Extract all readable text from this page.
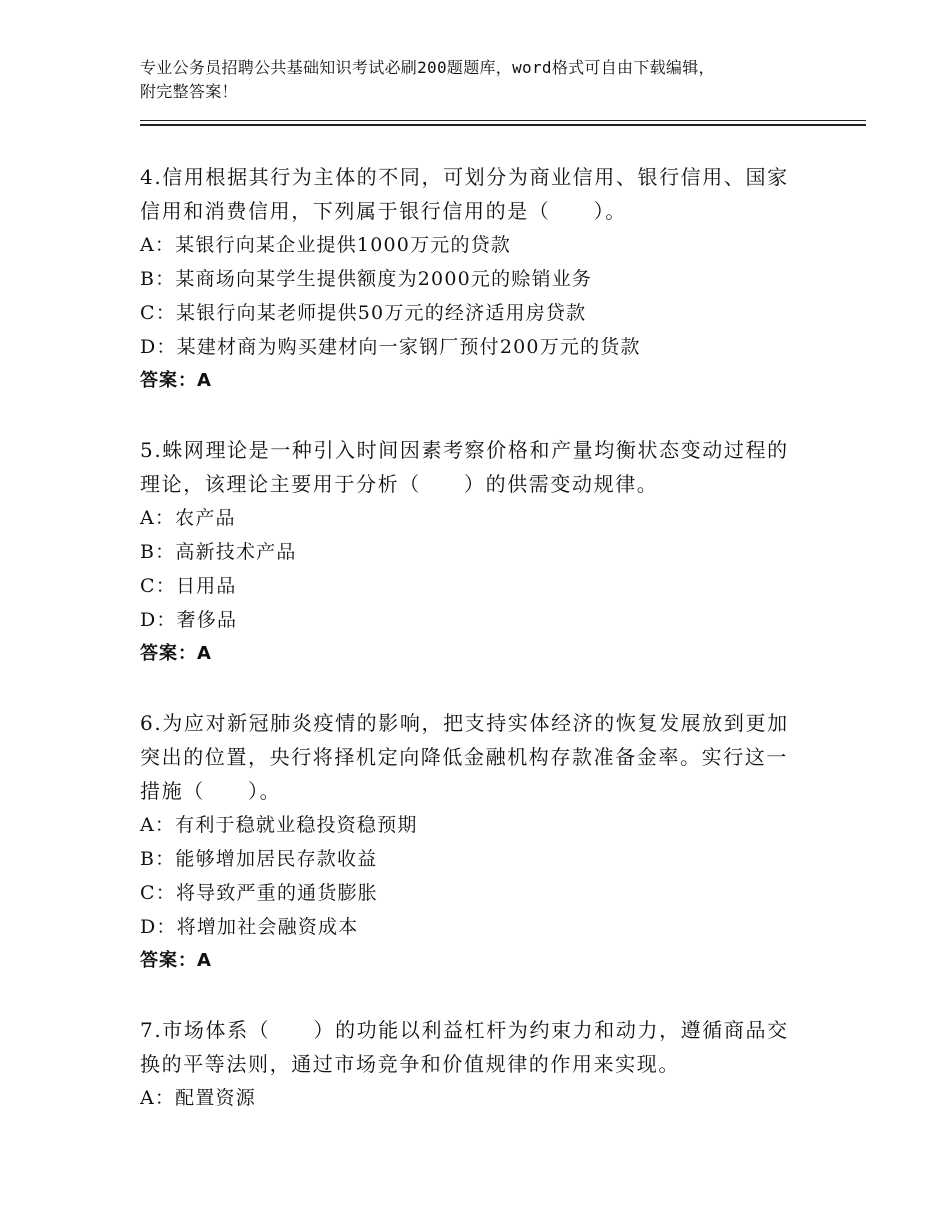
专业公务员招聘公共基础知识考试必刷200题题库，word格式可自由下载编辑，
附完整答案！

4.信用根据其行为主体的不同，可划分为商业信用、银行信用、国家

信用和消费信用，下列属于银行信用的是（　　）。

A：某银行向某企业提供1000万元的贷款

B：某商场向某学生提供额度为2000元的赊销业务

C：某银行向某老师提供50万元的经济适用房贷款

D：某建材商为购买建材向一家钢厂预付200万元的货款

答案：A

5.蛛网理论是一种引入时间因素考察价格和产量均衡状态变动过程的

理论，该理论主要用于分析（　　）的供需变动规律。

A：农产品

B：高新技术产品

C：日用品

D：奢侈品

答案：A

6.为应对新冠肺炎疫情的影响，把支持实体经济的恢复发展放到更加

突出的位置，央行将择机定向降低金融机构存款准备金率。实行这一

措施（　　）。

A：有利于稳就业稳投资稳预期

B：能够增加居民存款收益

C：将导致严重的通货膨胀

D：将增加社会融资成本

答案：A

7.市场体系（　　）的功能以利益杠杆为约束力和动力，遵循商品交

换的平等法则，通过市场竞争和价值规律的作用来实现。

A：配置资源
